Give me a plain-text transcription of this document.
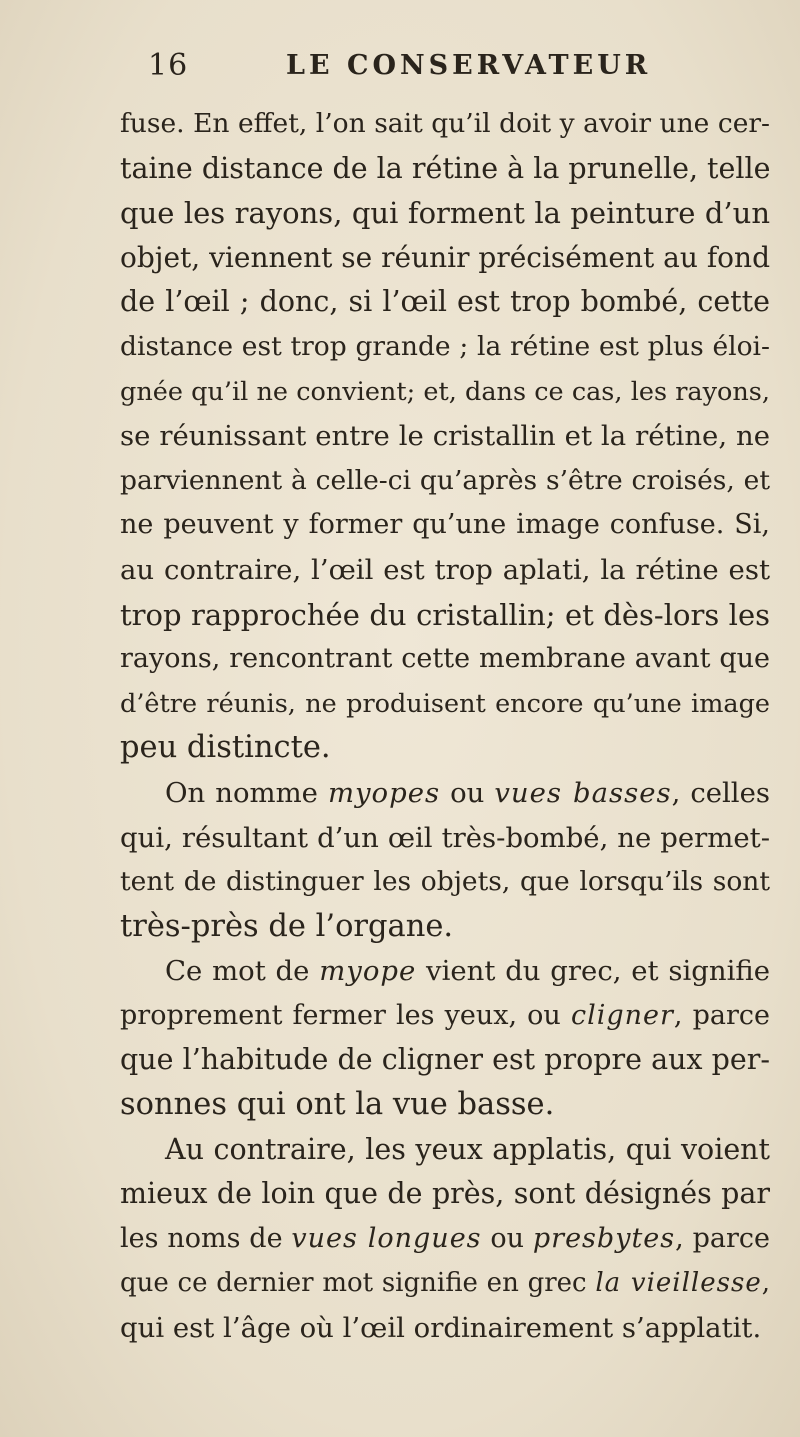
16	LE CONSERVATEUR
fuse. En effet, l’on sait qu’il doit y avoir une cer-
taine distance de la rétine à la prunelle, telle
que les rayons, qui forment la peinture d’un
objet, viennent se réunir précisément au fond
de l’œil ; donc, si l’œil est trop bombé, cette
distance est trop grande ; la rétine est plus éloi-
gnée qu’il ne convient; et, dans ce cas, les rayons,
se réunissant entre le cristallin et la rétine, ne
parviennent à celle-ci qu’après s’être croisés, et
ne peuvent y former qu’une image confuse. Si,
au contraire, l’œil est trop aplati, la rétine est
trop rapprochée du cristallin; et dès-lors les
rayons, rencontrant cette membrane avant que
d’être réunis, ne produisent encore qu’une image
peu distincte.
On nomme myopes ou vues basses, celles
qui, résultant d’un œil très-bombé, ne permet-
tent de distinguer les objets, que lorsqu’ils sont
très-près de l’organe.
Ce mot de myope vient du grec, et signifie
proprement fermer les yeux, ou cligner, parce
que l’habitude de cligner est propre aux per-
sonnes qui ont la vue basse.
Au contraire, les yeux applatis, qui voient
mieux de loin que de près, sont désignés par
les noms de vues longues ou presbytes, parce
que ce dernier mot signifie en grec la vieillesse,
qui est l’âge où l’œil ordinairement s’applatit.
